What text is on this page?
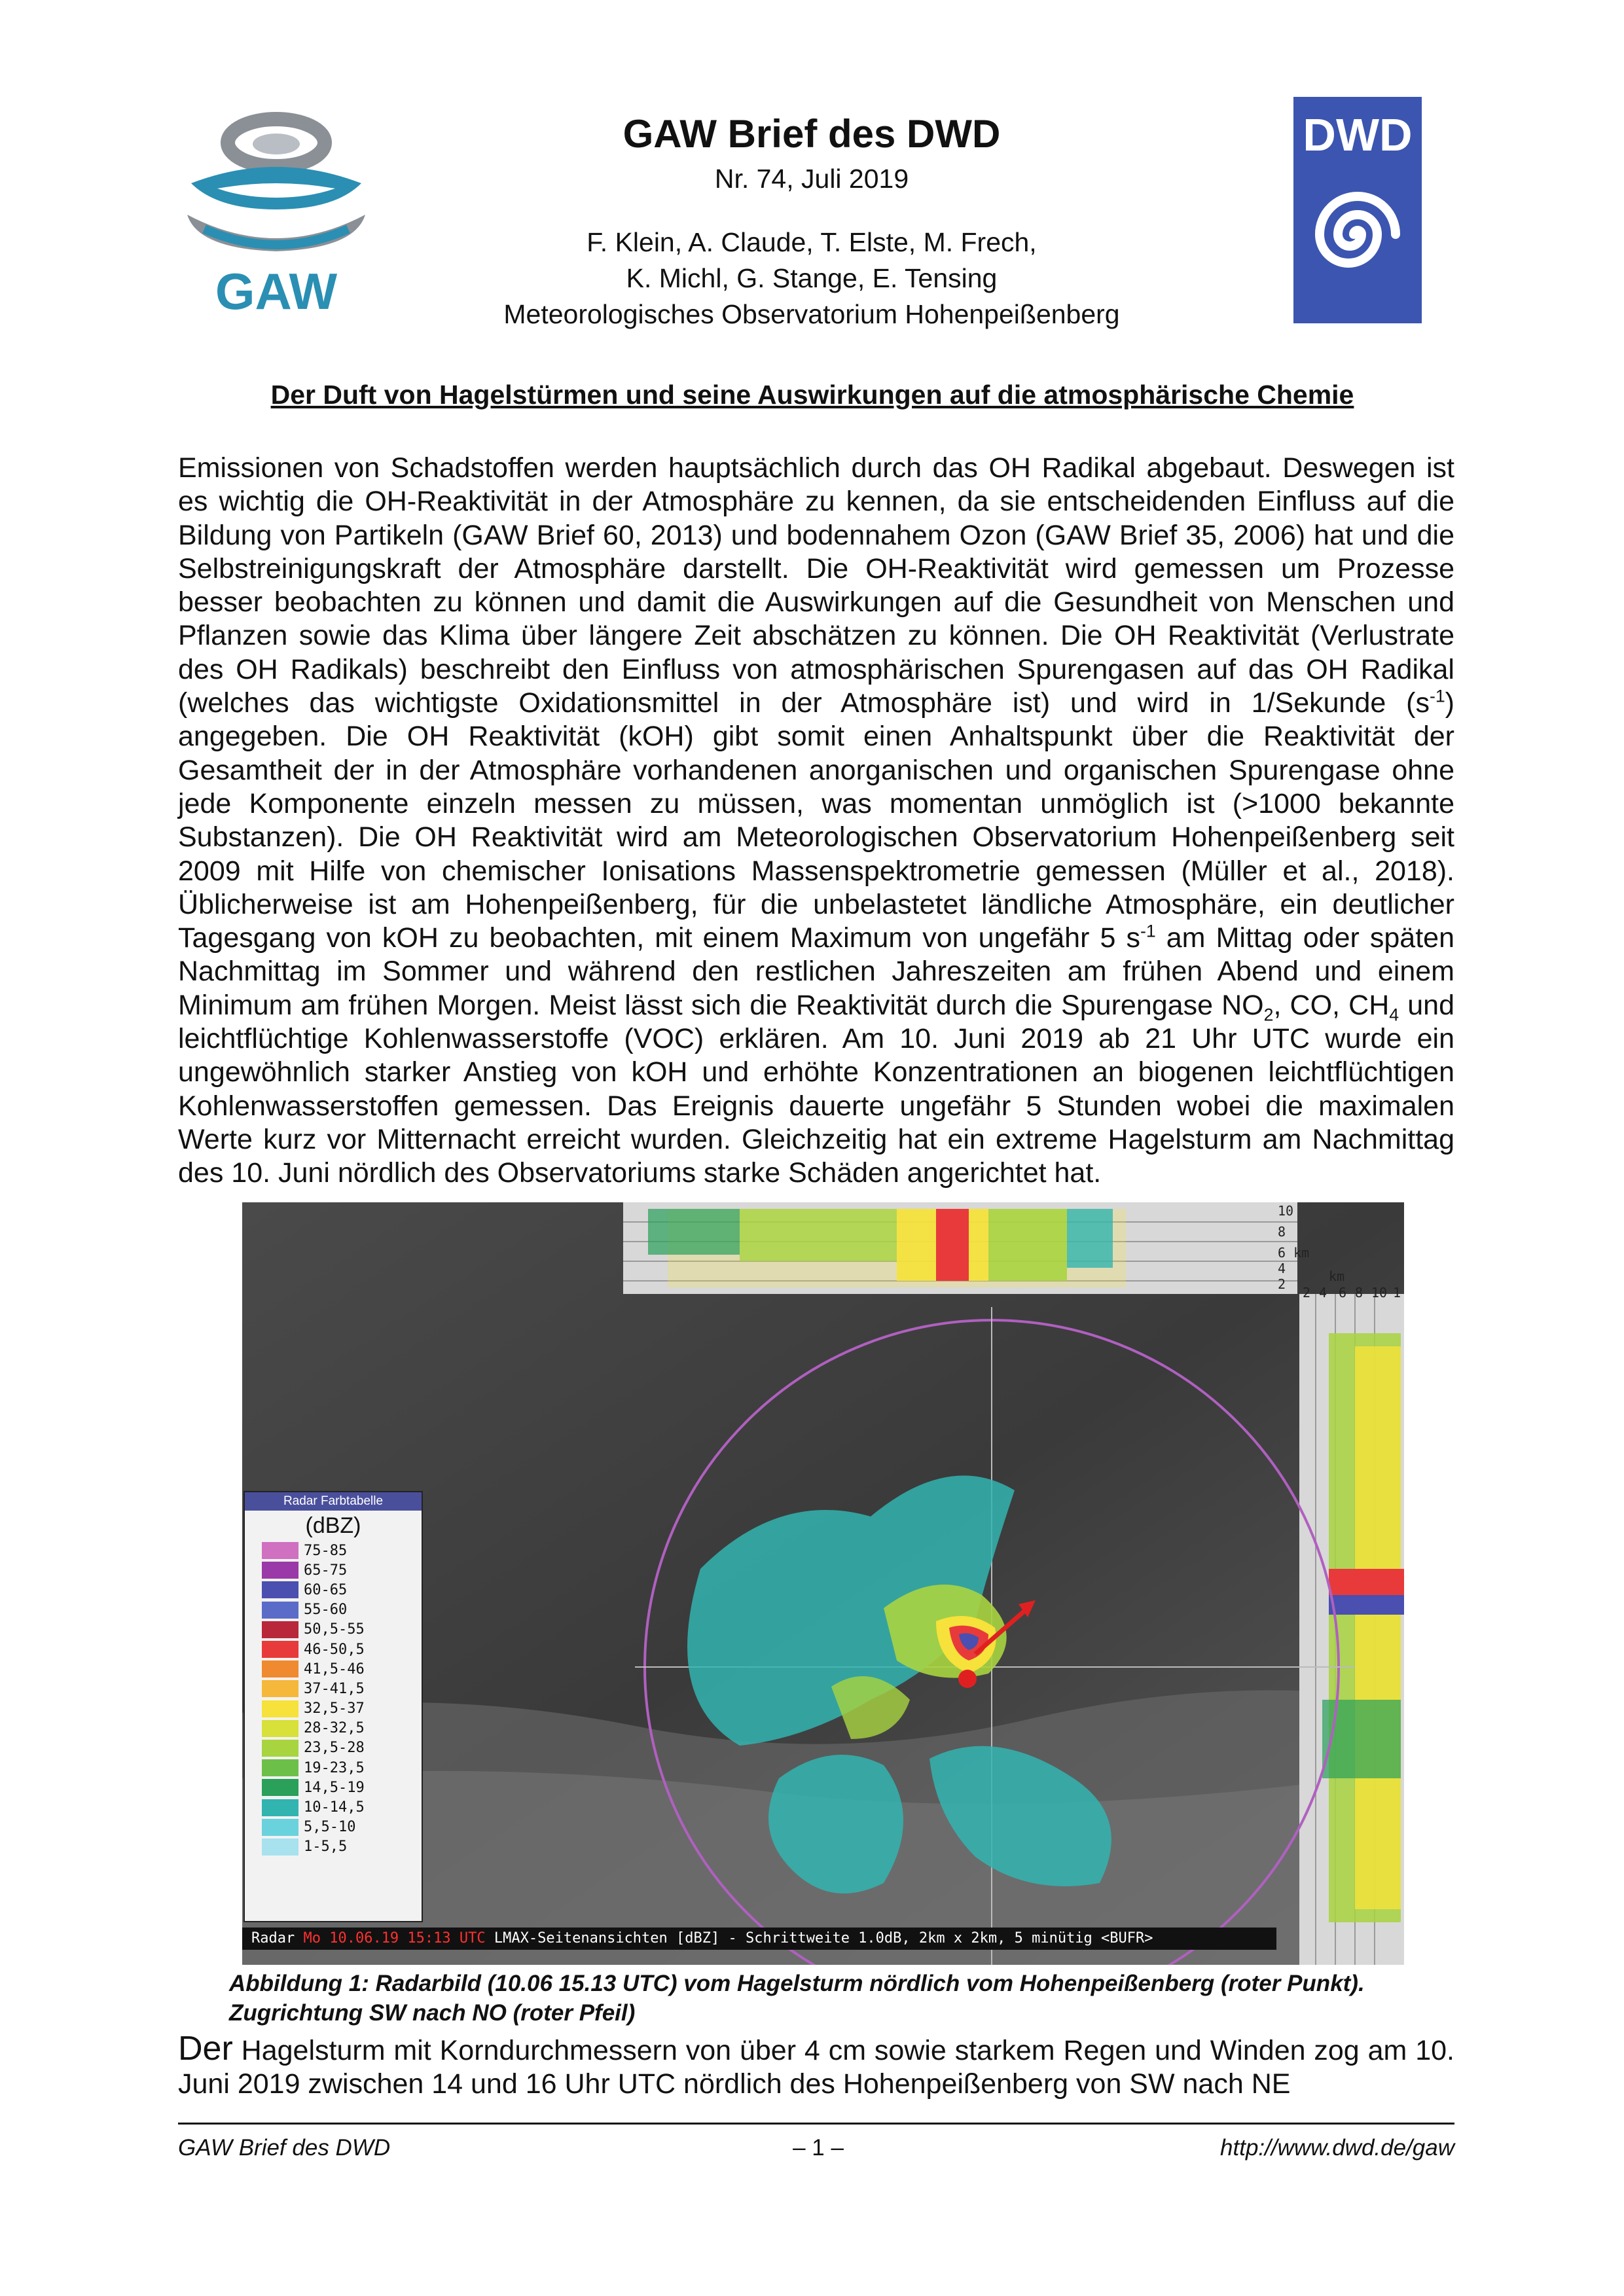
GAW
DWD
GAW Brief des DWD
Nr. 74, Juli 2019
F. Klein, A. Claude, T. Elste, M. Frech,
K. Michl, G. Stange, E. Tensing
Meteorologisches Observatorium Hohenpeißenberg
Der Duft von Hagelstürmen und seine Auswirkungen auf die atmosphärische Chemie

Emissionen von Schadstoffen werden hauptsächlich durch das OH Radikal abgebaut. Deswegen ist es wichtig die OH-Reaktivität in der Atmosphäre zu kennen, da sie entscheidenden Einfluss auf die Bildung von Partikeln (GAW Brief 60, 2013) und bodennahem Ozon (GAW Brief 35, 2006) hat und die Selbstreinigungskraft der Atmosphäre darstellt. Die OH-Reaktivität wird gemessen um Prozesse besser beobachten zu können und damit die Auswirkungen auf die Gesundheit von Menschen und Pflanzen sowie das Klima über längere Zeit abschätzen zu können. Die OH Reaktivität (Verlustrate des OH Radikals) beschreibt den Einfluss von atmosphärischen Spurengasen auf das OH Radikal (welches das wichtigste Oxidationsmittel in der Atmosphäre ist) und wird in 1/Sekunde $(s^{-1})$ angegeben. Die OH Reaktivität (kOH) gibt somit einen Anhaltspunkt über die Reaktivität der Gesamtheit der in der Atmosphäre vorhandenen anorganischen und organischen Spurengase ohne jede Komponente einzeln messen zu müssen, was momentan unmöglich ist (>1000 bekannte Substanzen). Die OH Reaktivität wird am Meteorologischen Observatorium Hohenpeißenberg seit 2009 mit Hilfe von chemischer Ionisations Massenspektrometrie gemessen (Müller et al., 2018). Üblicherweise ist am Hohenpeißenberg, für die unbelastetet ländliche Atmosphäre, ein deutlicher Tagesgang von kOH zu beobachten, mit einem Maximum von ungefähr 5 $s^{-1}$ am Mittag oder späten Nachmittag im Sommer und während den restlichen Jahreszeiten am frühen Abend und einem Minimum am frühen Morgen. Meist lässt sich die Reaktivität durch die Spurengase $NO_2$, CO, $CH_4$ und leichtflüchtige Kohlenwasserstoffe (VOC) erklären. Am 10. Juni 2019 ab 21 Uhr UTC wurde ein ungewöhnlich starker Anstieg von kOH und erhöhte Konzentrationen an biogenen leichtflüchtigen Kohlenwasserstoffen gemessen. Das Ereignis dauerte ungefähr 5 Stunden wobei die maximalen Werte kurz vor Mitternacht erreicht wurden. Gleichzeitig hat ein extreme Hagelsturm am Nachmittag des 10. Juni nördlich des Observatoriums starke Schäden angerichtet hat.

10
8
6 km
4
2	km
2 4 6 8 10 1
Radar Farbtabelle
(dBZ)
75-85
65-75
60-65
55-60
50,5-55
46-50,5
41,5-46
37-41,5
32,5-37
28-32,5
23,5-28
19-23,5
14,5-19
10-14,5
5,5-10
1-5,5
Radar Mo 10.06.19 15:13 UTC LMAX-Seitenansichten [dBZ] - Schrittweite 1.0dB, 2km x 2km, 5 minütig <BUFR>

Abbildung 1: Radarbild (10.06 15.13 UTC) vom Hagelsturm nördlich vom Hohenpeißenberg (roter Punkt). Zugrichtung SW nach NO (roter Pfeil)

Der Hagelsturm mit Korndurchmessern von über 4 cm sowie starkem Regen und Winden zog am 10. Juni 2019 zwischen 14 und 16 Uhr UTC nördlich des Hohenpeißenberg von SW nach NE

GAW Brief des DWD	– 1 –	http://www.dwd.de/gaw
